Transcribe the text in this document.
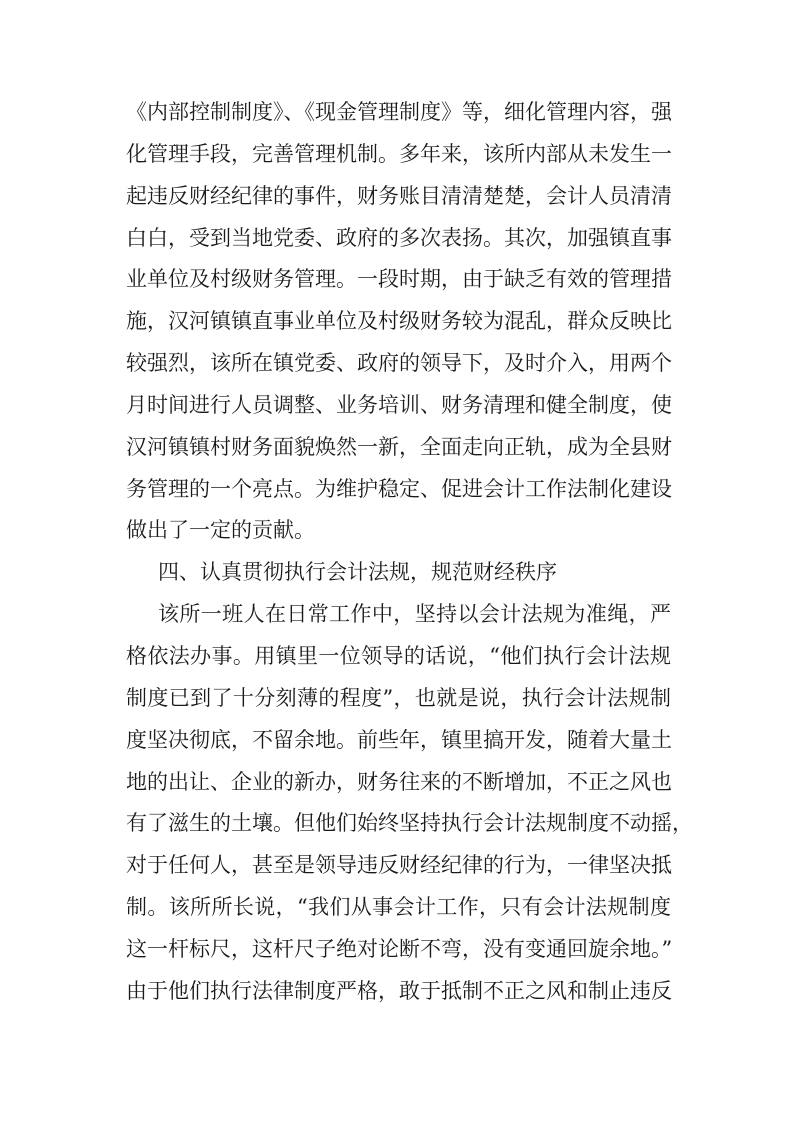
《内部控制制度》、《现金管理制度》等，细化管理内容，强
化管理手段，完善管理机制。多年来，该所内部从未发生一
起违反财经纪律的事件，财务账目清清楚楚，会计人员清清
白白，受到当地党委、政府的多次表扬。其次，加强镇直事
业单位及村级财务管理。一段时期，由于缺乏有效的管理措
施，汉河镇镇直事业单位及村级财务较为混乱，群众反映比
较强烈，该所在镇党委、政府的领导下，及时介入，用两个
月时间进行人员调整、业务培训、财务清理和健全制度，使
汉河镇镇村财务面貌焕然一新，全面走向正轨，成为全县财
务管理的一个亮点。为维护稳定、促进会计工作法制化建设
做出了一定的贡献。
四、认真贯彻执行会计法规，规范财经秩序
该所一班人在日常工作中，坚持以会计法规为准绳，严
格依法办事。用镇里一位领导的话说，“他们执行会计法规
制度已到了十分刻薄的程度”，也就是说，执行会计法规制
度坚决彻底，不留余地。前些年，镇里搞开发，随着大量土
地的出让、企业的新办，财务往来的不断增加，不正之风也
有了滋生的土壤。但他们始终坚持执行会计法规制度不动摇，
对于任何人，甚至是领导违反财经纪律的行为，一律坚决抵
制。该所所长说，“我们从事会计工作，只有会计法规制度
这一杆标尺，这杆尺子绝对论断不弯，没有变通回旋余地。”
由于他们执行法律制度严格，敢于抵制不正之风和制止违反
